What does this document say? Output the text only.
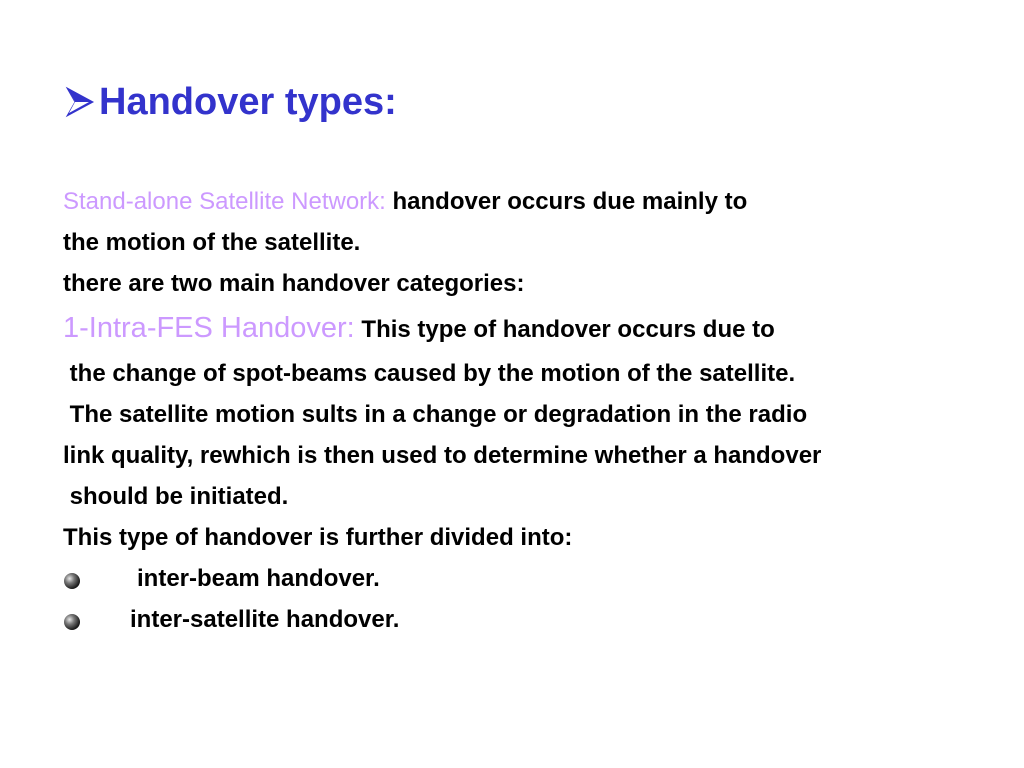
Handover types:
Stand-alone Satellite Network: handover occurs due mainly to
the motion of the satellite.
there are two main handover categories:
1-Intra-FES Handover: This type of handover occurs due to
the change of spot-beams caused by the motion of the satellite.
The satellite motion sults in a change or degradation in the radio
link quality, rewhich is then used to determine whether a handover
should be initiated.
This type of handover is further divided into:
inter-beam handover.
inter-satellite handover.
